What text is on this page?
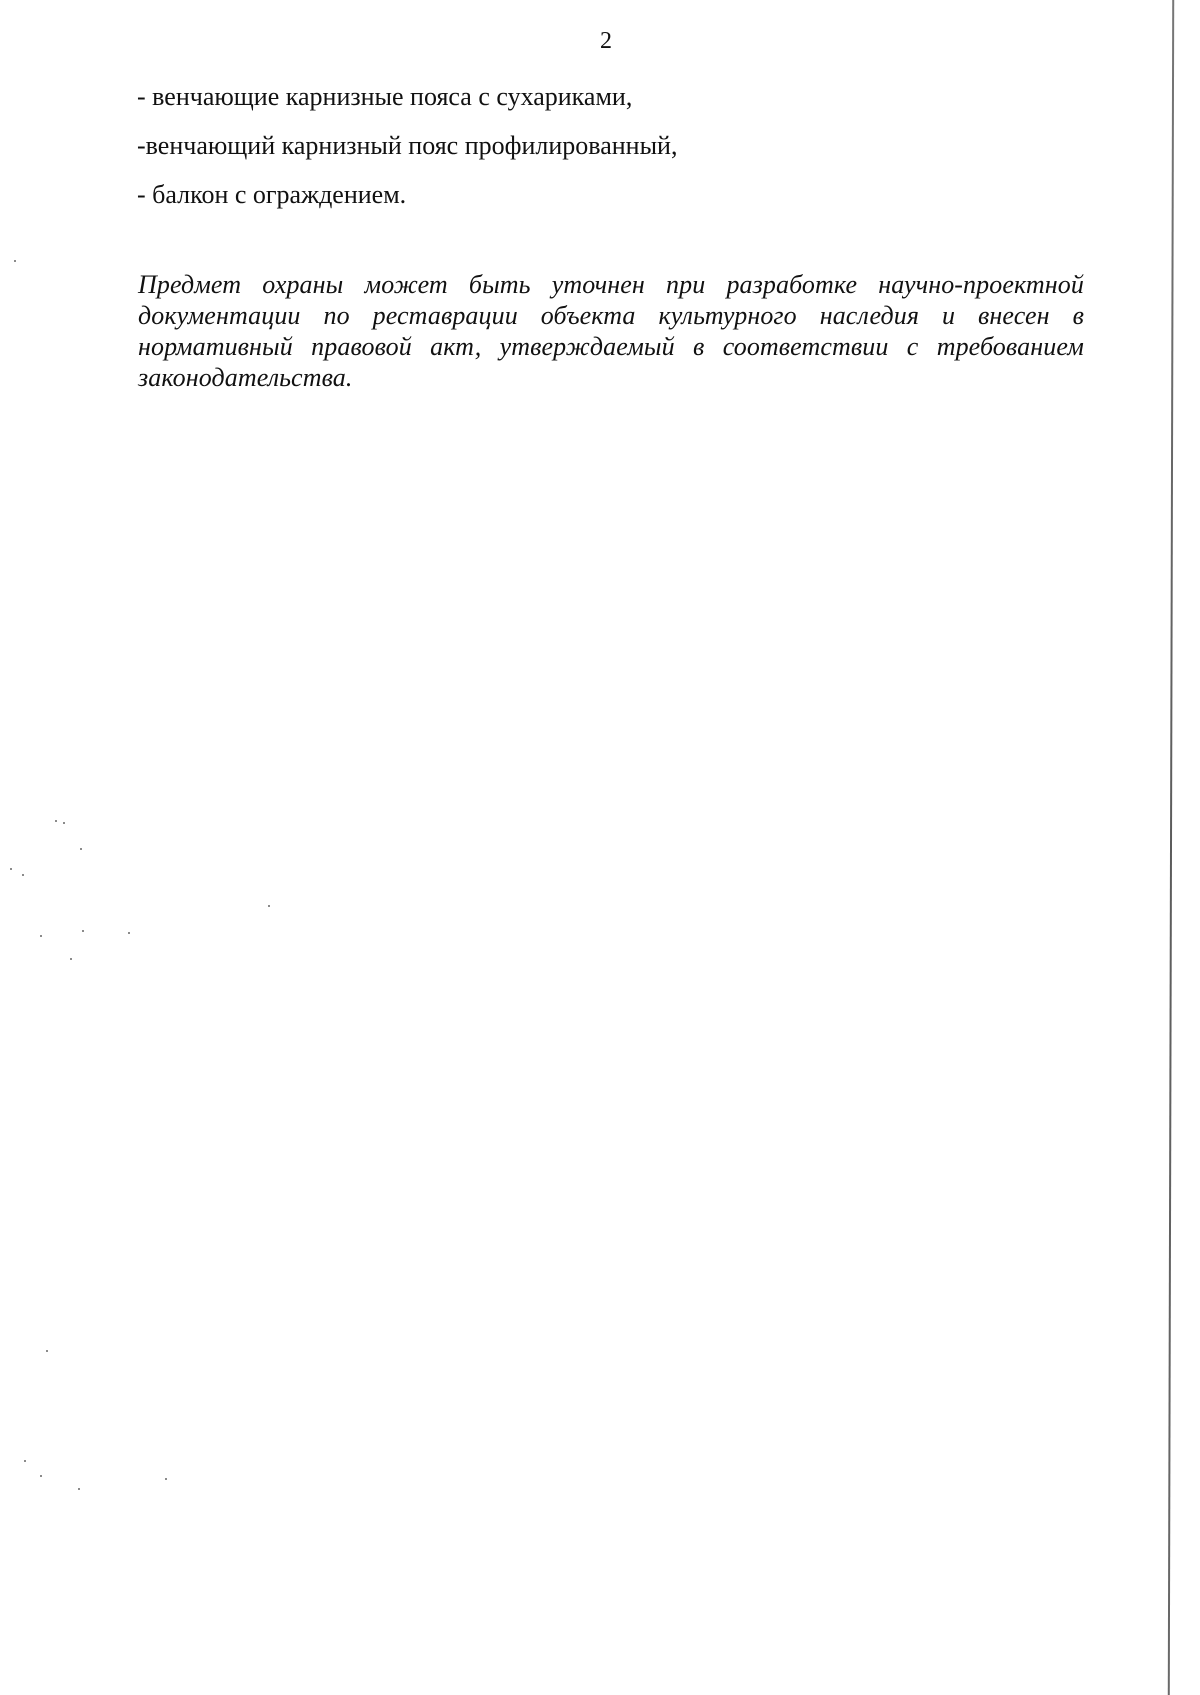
2
- венчающие карнизные пояса с сухариками,
-венчающий карнизный пояс профилированный,
- балкон с ограждением.

Предмет охраны может быть уточнен при разработке научно-проектной документации по реставрации объекта культурного наследия и внесен в нормативный правовой акт, утверждаемый в соответствии с требованием законодательства.
